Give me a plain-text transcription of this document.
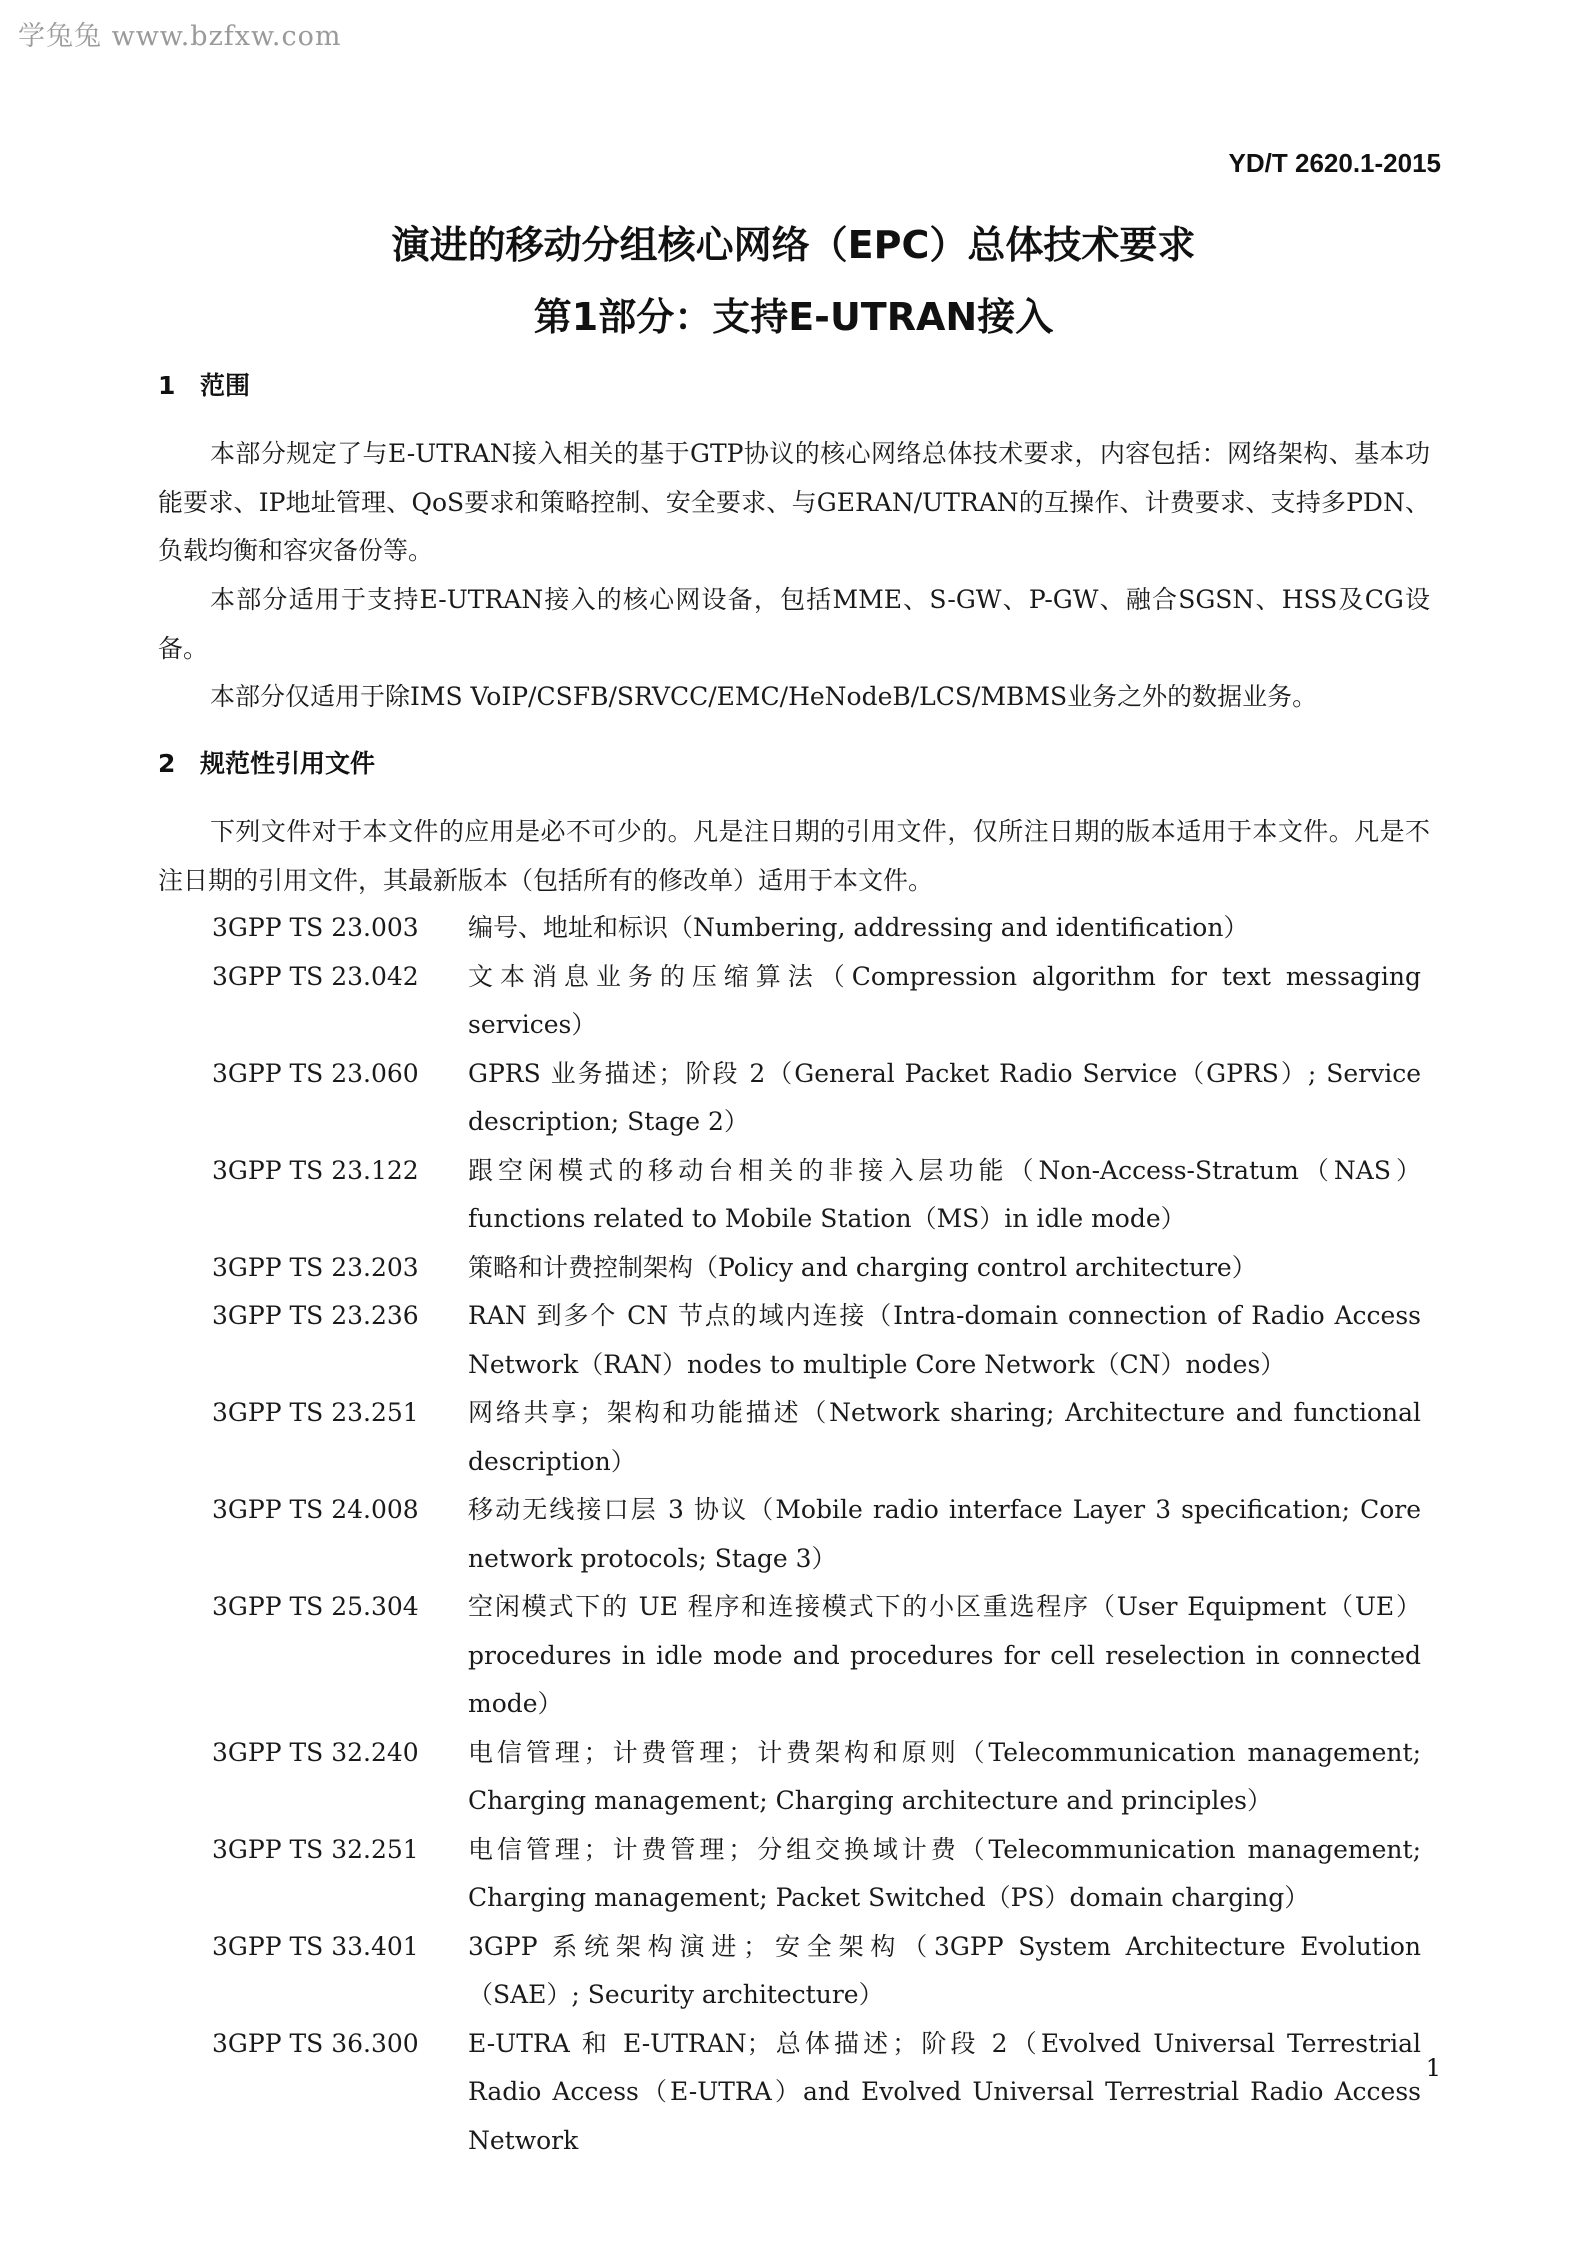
学兔兔 www.bzfxw.com
YD/T 2620.1-2015
演进的移动分组核心网络（EPC）总体技术要求
第1部分：支持E-UTRAN接入
1 范围

本部分规定了与E-UTRAN接入相关的基于GTP协议的核心网络总体技术要求，内容包括：网络架构、基本功能要求、IP地址管理、QoS要求和策略控制、安全要求、与GERAN/UTRAN的互操作、计费要求、支持多PDN、负载均衡和容灾备份等。

本部分适用于支持E-UTRAN接入的核心网设备，包括MME、S-GW、P-GW、融合SGSN、HSS及CG设备。

本部分仅适用于除IMS VoIP/CSFB/SRVCC/EMC/HeNodeB/LCS/MBMS业务之外的数据业务。

2 规范性引用文件

下列文件对于本文件的应用是必不可少的。凡是注日期的引用文件，仅所注日期的版本适用于本文件。凡是不注日期的引用文件，其最新版本（包括所有的修改单）适用于本文件。

3GPP TS 23.003	编号、地址和标识（Numbering, addressing and identification）
3GPP TS 23.042	文本消息业务的压缩算法（Compression algorithm for text messaging services）
3GPP TS 23.060	GPRS 业务描述；阶段 2（General Packet Radio Service（GPRS）; Service description; Stage 2）
3GPP TS 23.122	跟空闲模式的移动台相关的非接入层功能（Non-Access-Stratum（NAS）functions related to Mobile Station（MS）in idle mode）
3GPP TS 23.203	策略和计费控制架构（Policy and charging control architecture）
3GPP TS 23.236	RAN 到多个 CN 节点的域内连接（Intra-domain connection of Radio Access Network（RAN）nodes to multiple Core Network（CN）nodes）
3GPP TS 23.251	网络共享；架构和功能描述（Network sharing; Architecture and functional description）
3GPP TS 24.008	移动无线接口层 3 协议（Mobile radio interface Layer 3 specification; Core network protocols; Stage 3）
3GPP TS 25.304	空闲模式下的 UE 程序和连接模式下的小区重选程序（User Equipment（UE）procedures in idle mode and procedures for cell reselection in connected mode）
3GPP TS 32.240	电信管理；计费管理；计费架构和原则（Telecommunication management; Charging management; Charging architecture and principles）
3GPP TS 32.251	电信管理；计费管理；分组交换域计费（Telecommunication management; Charging management; Packet Switched（PS）domain charging）
3GPP TS 33.401	3GPP 系统架构演进；安全架构（3GPP System Architecture Evolution（SAE）; Security architecture）
3GPP TS 36.300	E-UTRA 和 E-UTRAN；总体描述；阶段 2（Evolved Universal Terrestrial Radio Access（E-UTRA）and Evolved Universal Terrestrial Radio Access Network
1
